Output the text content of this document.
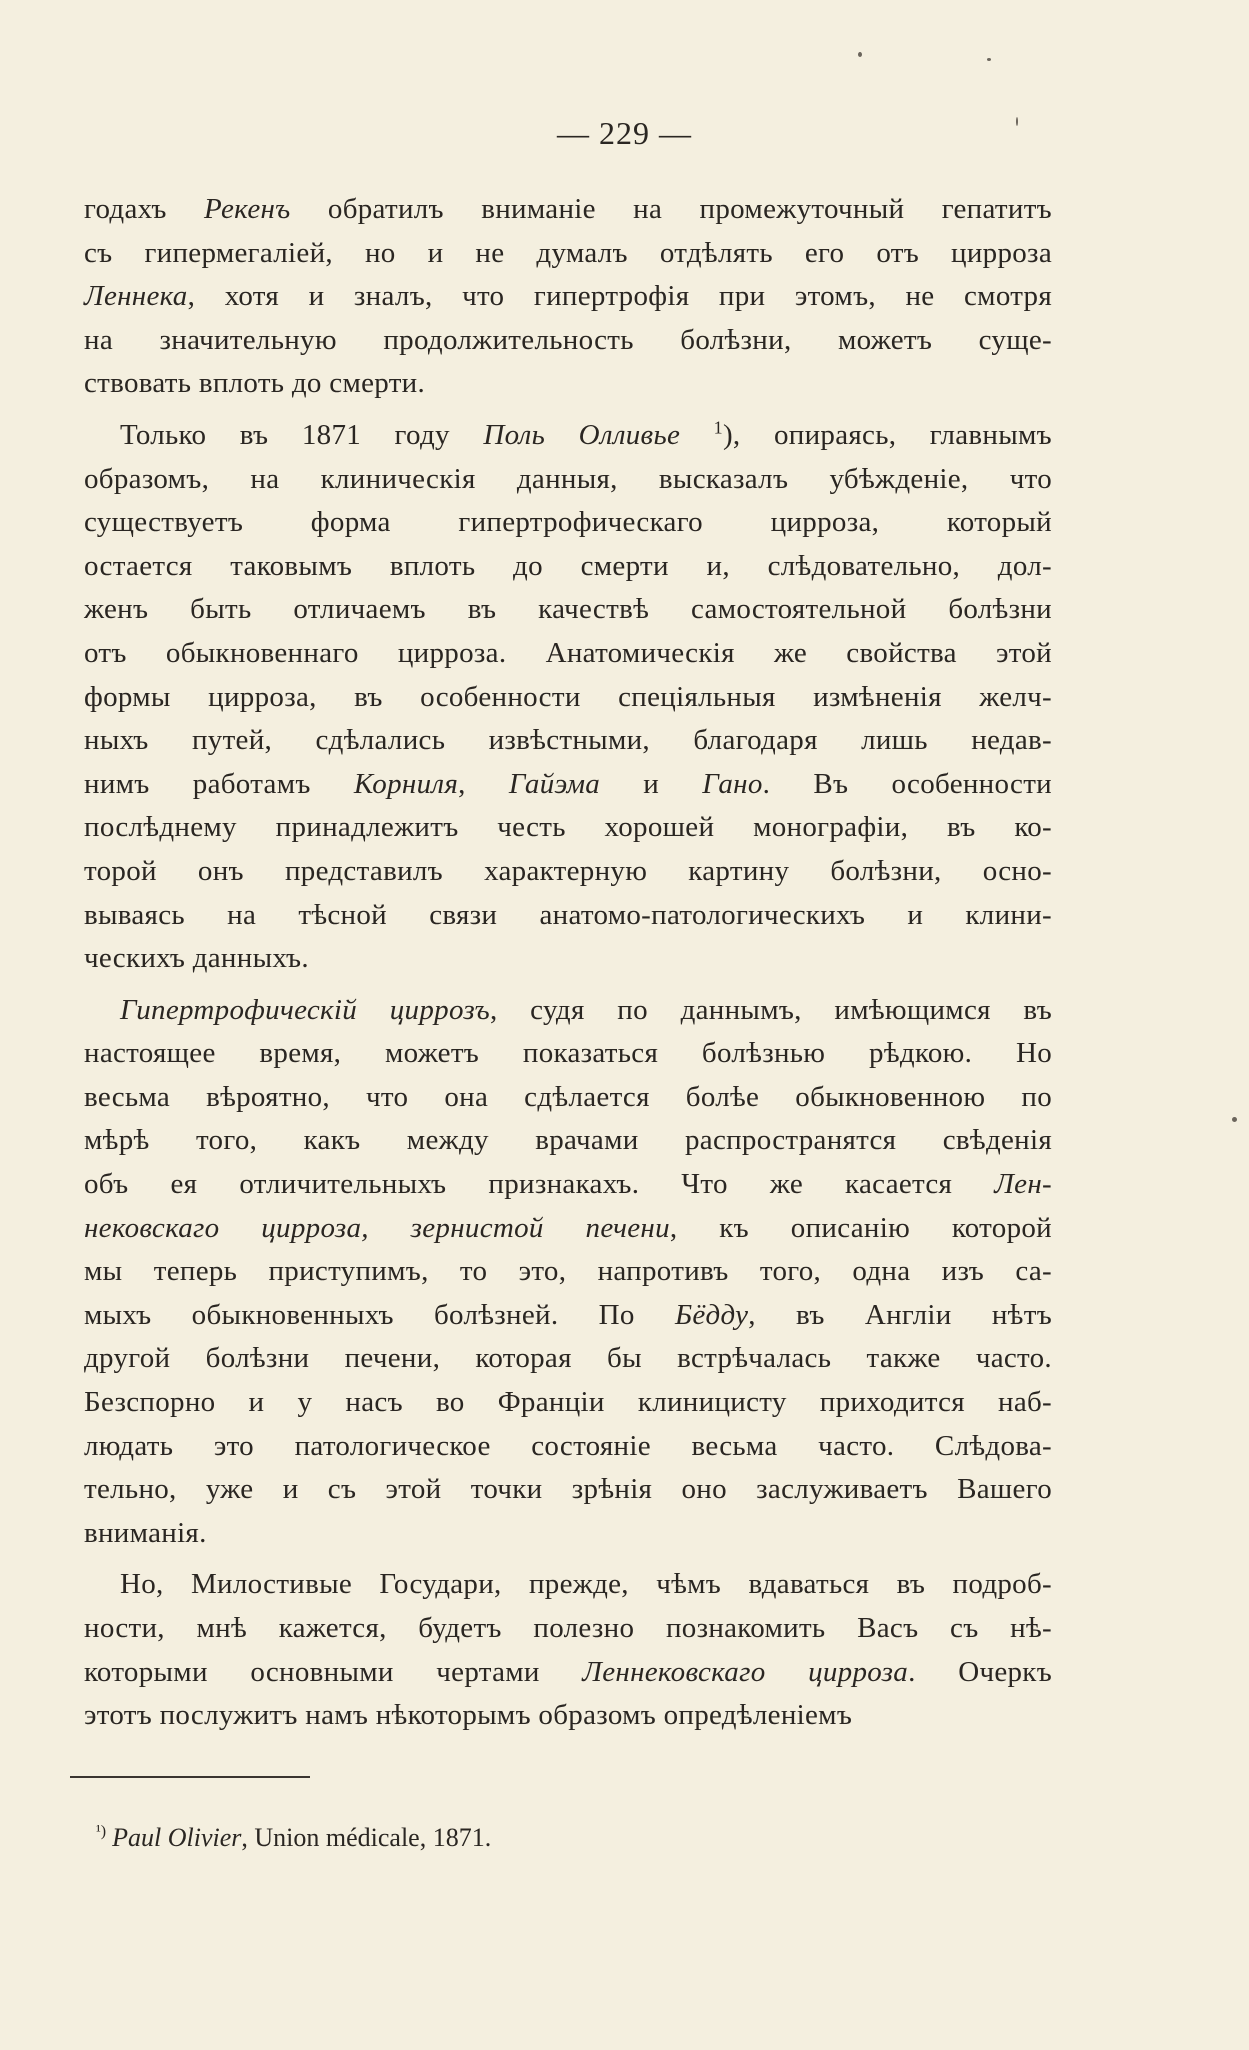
— 229 —
годахъ Рекенъ обратилъ вниманіе на промежуточный гепатитъ
съ гипермегаліей, но и не думалъ отдѣлять его отъ цирроза
Леннека, хотя и зналъ, что гипертрофія при этомъ, не смотря
на значительную продолжительность болѣзни, можетъ суще-
ствовать вплоть до смерти.
Только въ 1871 году Поль Олливье $^1$), опираясь, главнымъ
образомъ, на клиническія данныя, высказалъ убѣжденіе, что
существуетъ форма гипертрофическаго цирроза, который
остается таковымъ вплоть до смерти и, слѣдовательно, дол-
женъ быть отличаемъ въ качествѣ самостоятельной болѣзни
отъ обыкновеннаго цирроза. Анатомическія же свойства этой
формы цирроза, въ особенности спеціяльныя измѣненія желч-
ныхъ путей, сдѣлались извѣстными, благодаря лишь недав-
нимъ работамъ Корниля, Гайэма и Гано. Въ особенности
послѣднему принадлежитъ честь хорошей монографіи, въ ко-
торой онъ представилъ характерную картину болѣзни, осно-
вываясь на тѣсной связи анатомо-патологическихъ и клини-
ческихъ данныхъ.
Гипертрофическій циррозъ, судя по даннымъ, имѣющимся въ
настоящее время, можетъ показаться болѣзнью рѣдкою. Но
весьма вѣроятно, что она сдѣлается болѣе обыкновенною по
мѣрѣ того, какъ между врачами распространятся свѣденія
объ ея отличительныхъ признакахъ. Что же касается Лен-
нековскаго цирроза, зернистой печени, къ описанію которой
мы теперь приступимъ, то это, напротивъ того, одна изъ са-
мыхъ обыкновенныхъ болѣзней. По Бёдду, въ Англіи нѣтъ
другой болѣзни печени, которая бы встрѣчалась также часто.
Безспорно и у насъ во Франціи клиницисту приходится наб-
людать это патологическое состояніе весьма часто. Слѣдова-
тельно, уже и съ этой точки зрѣнія оно заслуживаетъ Вашего
вниманія.
Но, Милостивые Государи, прежде, чѣмъ вдаваться въ подроб-
ности, мнѣ кажется, будетъ полезно познакомить Васъ съ нѣ-
которыми основными чертами Леннековскаго цирроза. Очеркъ
этотъ послужитъ намъ нѣкоторымъ образомъ опредѣленіемъ
$^{^1)}$ Paul Olivier, Union médicale, 1871.
